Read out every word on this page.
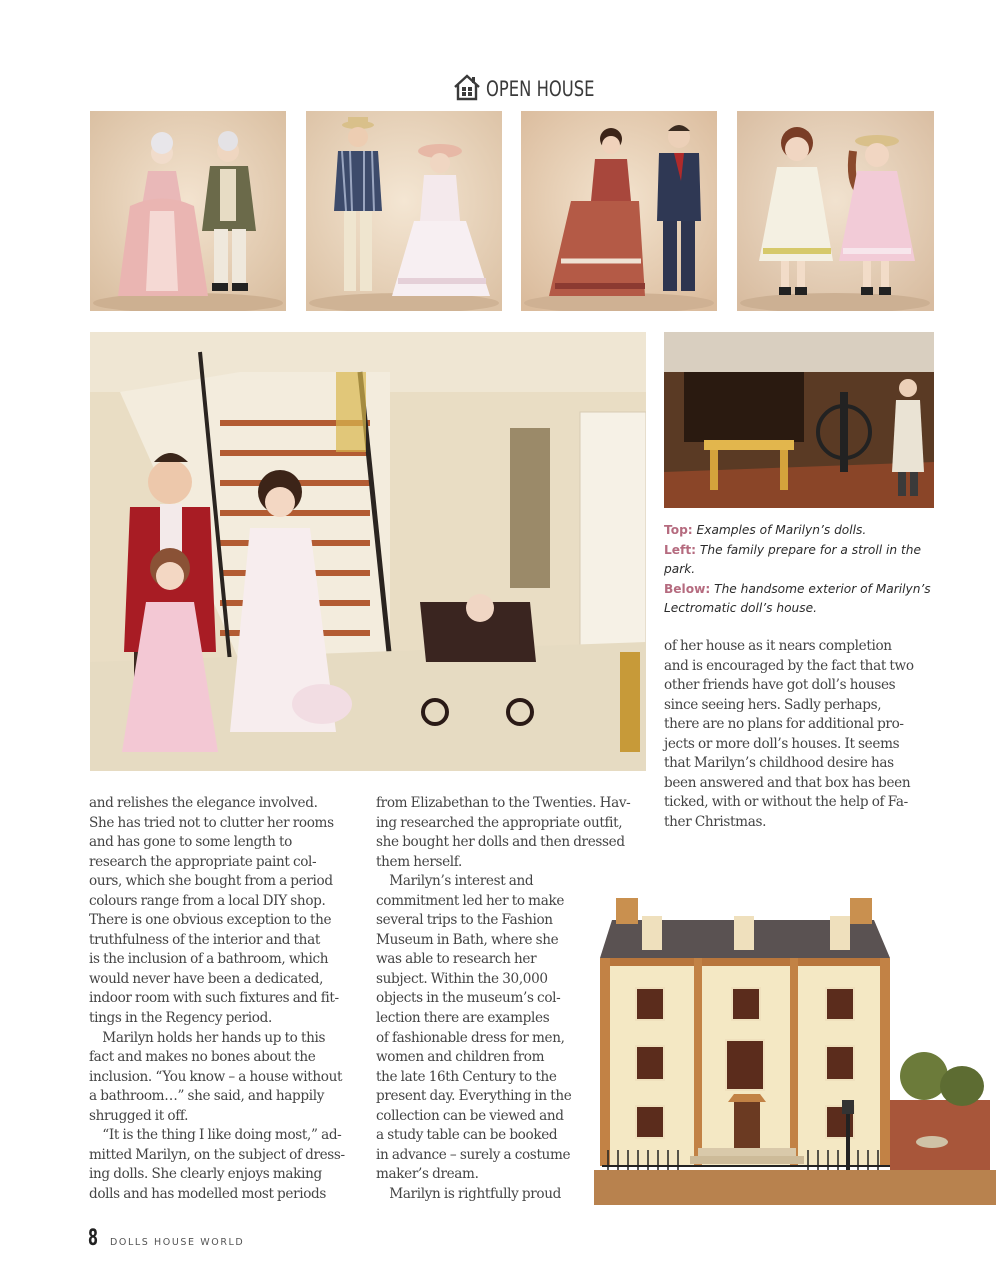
OPEN HOUSE
Top: Examples of Marilyn’s dolls.
Left: The family prepare for a stroll in the
park.
Below: The handsome exterior of Marilyn’s
Lectromatic doll’s house.
of her house as it nears completion
and is encouraged by the fact that two
other friends have got doll’s houses
since seeing hers. Sadly perhaps,
there are no plans for additional pro-
jects or more doll’s houses. It seems
that Marilyn’s childhood desire has
been answered and that box has been
ticked, with or without the help of Fa-
ther Christmas.
and relishes the elegance involved.
She has tried not to clutter her rooms
and has gone to some length to
research the appropriate paint col-
ours, which she bought from a period
colours range from a local DIY shop.
There is one obvious exception to the
truthfulness of the interior and that
is the inclusion of a bathroom, which
would never have been a dedicated,
indoor room with such fixtures and fit-
tings in the Regency period.
 Marilyn holds her hands up to this
fact and makes no bones about the
inclusion. “You know – a house without
a bathroom…” she said, and happily
shrugged it off.
 “It is the thing I like doing most,” ad-
mitted Marilyn, on the subject of dress-
ing dolls. She clearly enjoys making
dolls and has modelled most periods
from Elizabethan to the Twenties. Hav-
ing researched the appropriate outfit,
she bought her dolls and then dressed
them herself.
 Marilyn’s interest and
commitment led her to make
several trips to the Fashion
Museum in Bath, where she
was able to research her
subject. Within the 30,000
objects in the museum’s col-
lection there are examples
of fashionable dress for men,
women and children from
the late 16th Century to the
present day. Everything in the
collection can be viewed and
a study table can be booked
in advance – surely a costume
maker’s dream.
 Marilyn is rightfully proud
8 DOLLS HOUSE WORLD
